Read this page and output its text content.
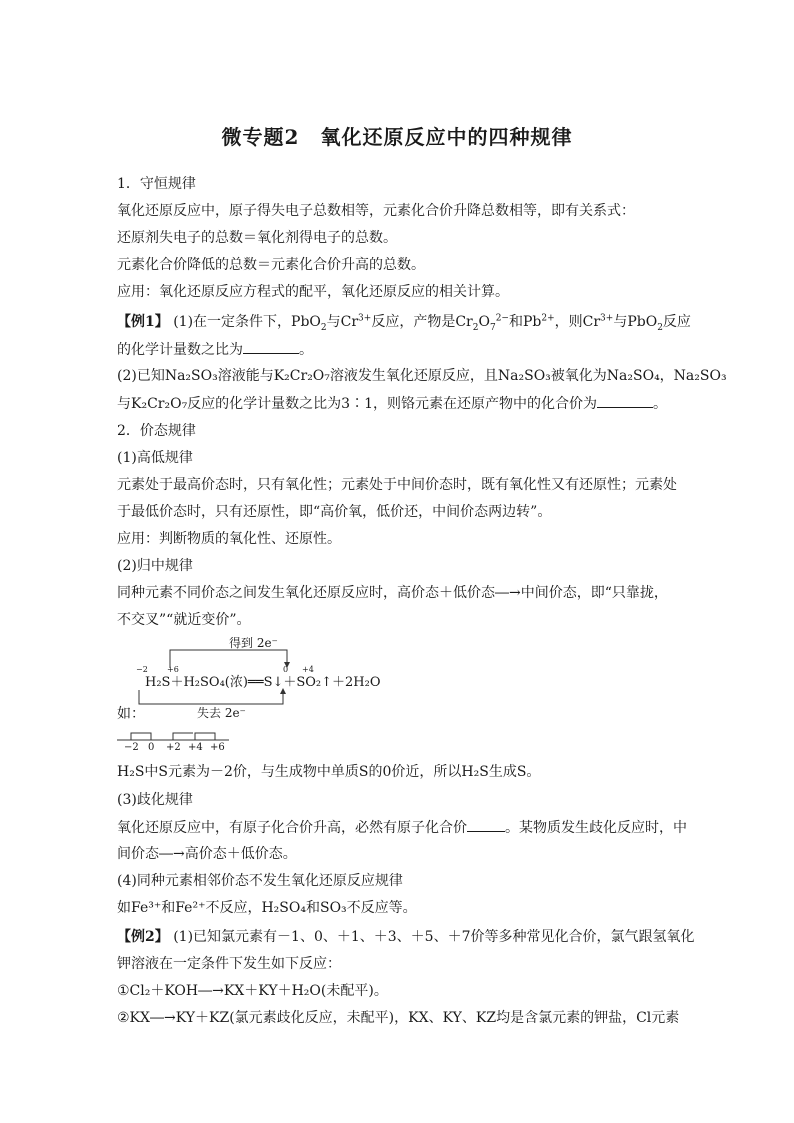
微专题2　氧化还原反应中的四种规律
1．守恒规律
氧化还原反应中，原子得失电子总数相等，元素化合价升降总数相等，即有关系式：
还原剂失电子的总数＝氧化剂得电子的总数。
元素化合价降低的总数＝元素化合价升高的总数。
应用：氧化还原反应方程式的配平，氧化还原反应的相关计算。
【例1】 (1)在一定条件下，PbO$_2$与$Cr^{3+}$反应，产物是$Cr_2O_7^{2-}$和$Pb^{2+}$，则$Cr^{3+}$与PbO$_2$反应
的化学计量数之比为	。
(2)已知Na₂SO₃溶液能与K₂Cr₂O₇溶液发生氧化还原反应，且Na₂SO₃被氧化为Na₂SO₄，Na₂SO₃
与K₂Cr₂O₇反应的化学计量数之比为3∶1，则铬元素在还原产物中的化合价为	。
2．价态规律
(1)高低规律
元素处于最高价态时，只有氧化性；元素处于中间价态时，既有氧化性又有还原性；元素处
于最低价态时，只有还原性，即“高价氧，低价还，中间价态两边转”。
应用：判断物质的氧化性、还原性。
(2)归中规律
同种元素不同价态之间发生氧化还原反应时，高价态＋低价态―→中间价态，即“只靠拢，
不交叉”“就近变价”。
得到 2e⁻
−2 +6	0 +4
H₂S＋H₂SO₄(浓)══S↓＋SO₂↑＋2H₂O
失去 2e⁻
如：
−2 0 +2 +4 +6
H₂S中S元素为－2价，与生成物中单质S的0价近，所以H₂S生成S。
(3)歧化规律
氧化还原反应中，有原子化合价升高，必然有原子化合价	。某物质发生歧化反应时，中
间价态―→高价态＋低价态。
(4)同种元素相邻价态不发生氧化还原反应规律
如Fe³⁺和Fe²⁺不反应，H₂SO₄和SO₃不反应等。
【例2】 (1)已知氯元素有－1、0、＋1、＋3、＋5、＋7价等多种常见化合价，氯气跟氢氧化
钾溶液在一定条件下发生如下反应：
①Cl₂＋KOH―→KX＋KY＋H₂O(未配平)。
②KX―→KY＋KZ(氯元素歧化反应，未配平)，KX、KY、KZ均是含氯元素的钾盐，Cl元素
